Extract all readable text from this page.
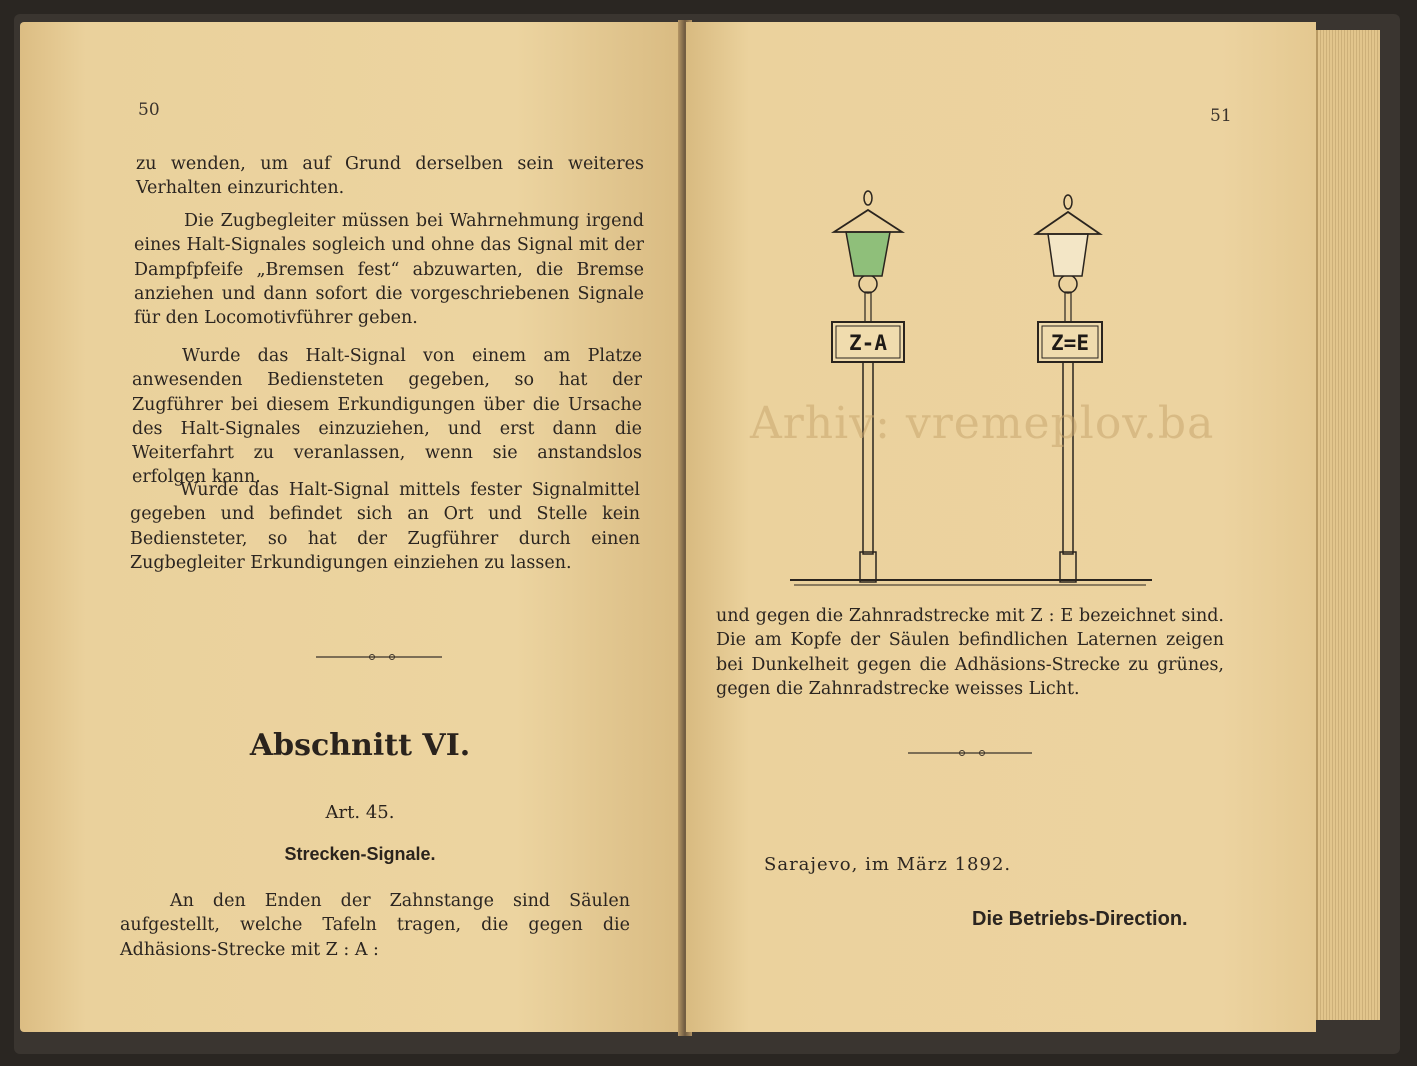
50

zu wenden, um auf Grund derselben sein weiteres Verhalten einzurichten.

Die Zugbegleiter müssen bei Wahrnehmung irgend eines Halt-Signales sogleich und ohne das Signal mit der Dampfpfeife „Bremsen fest“ abzuwarten, die Bremse anziehen und dann sofort die vorgeschriebenen Signale für den Locomotivführer geben.

Wurde das Halt-Signal von einem am Platze anwesenden Bediensteten gegeben, so hat der Zugführer bei diesem Erkundigungen über die Ursache des Halt-Signales einzuziehen, und erst dann die Weiterfahrt zu veranlassen, wenn sie anstandslos erfolgen kann.

Wurde das Halt-Signal mittels fester Signalmittel gegeben und befindet sich an Ort und Stelle kein Bediensteter, so hat der Zugführer durch einen Zugbegleiter Erkundigungen einziehen zu lassen.

Abschnitt VI.
Art. 45.
Strecken-Signale.

An den Enden der Zahnstange sind Säulen aufgestellt, welche Tafeln tragen, die gegen die Adhäsions-Strecke mit Z : A :

51
Z-A	Z=E

und gegen die Zahnradstrecke mit Z : E bezeichnet sind. Die am Kopfe der Säulen befindlichen Laternen zeigen bei Dunkelheit gegen die Adhäsions-Strecke zu grünes, gegen die Zahnradstrecke weisses Licht.

Sarajevo, im März 1892.
Die Betriebs-Direction.
Arhiv: vremeplov.ba
